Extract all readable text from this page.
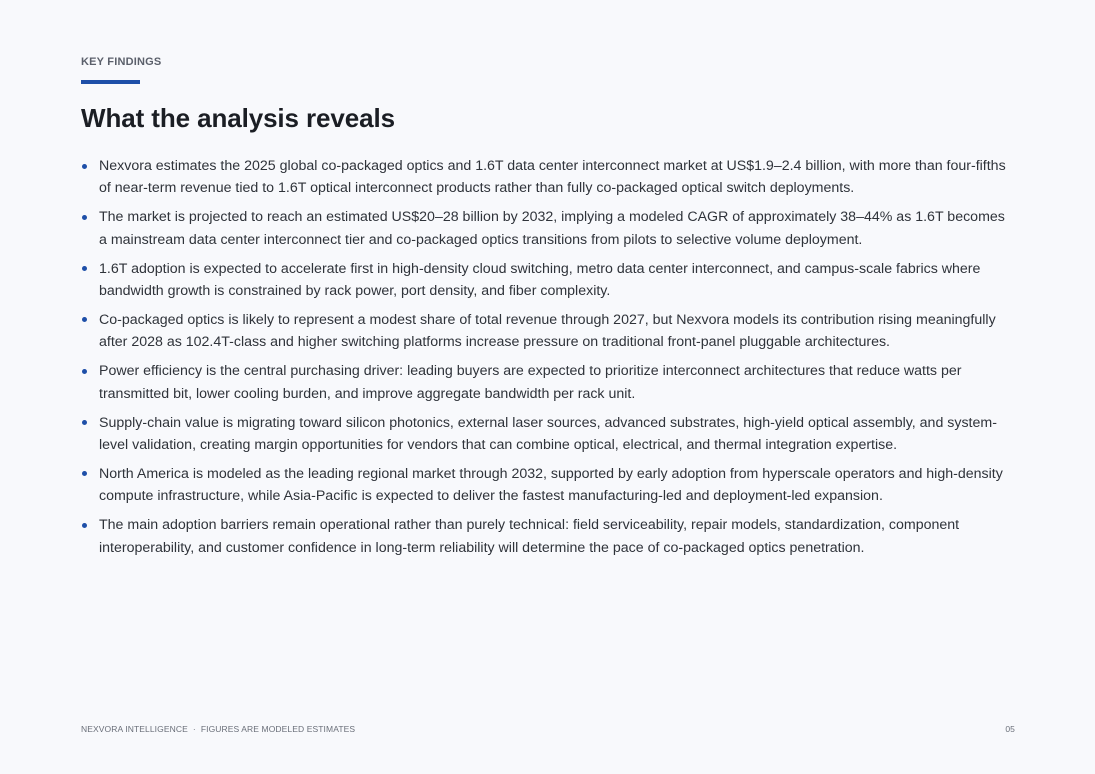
KEY FINDINGS
What the analysis reveals
Nexvora estimates the 2025 global co-packaged optics and 1.6T data center interconnect market at US$1.9–2.4 billion, with more than four-fifths of near-term revenue tied to 1.6T optical interconnect products rather than fully co-packaged optical switch deployments.
The market is projected to reach an estimated US$20–28 billion by 2032, implying a modeled CAGR of approximately 38–44% as 1.6T becomes a mainstream data center interconnect tier and co-packaged optics transitions from pilots to selective volume deployment.
1.6T adoption is expected to accelerate first in high-density cloud switching, metro data center interconnect, and campus-scale fabrics where bandwidth growth is constrained by rack power, port density, and fiber complexity.
Co-packaged optics is likely to represent a modest share of total revenue through 2027, but Nexvora models its contribution rising meaningfully after 2028 as 102.4T-class and higher switching platforms increase pressure on traditional front-panel pluggable architectures.
Power efficiency is the central purchasing driver: leading buyers are expected to prioritize interconnect architectures that reduce watts per transmitted bit, lower cooling burden, and improve aggregate bandwidth per rack unit.
Supply-chain value is migrating toward silicon photonics, external laser sources, advanced substrates, high-yield optical assembly, and system-level validation, creating margin opportunities for vendors that can combine optical, electrical, and thermal integration expertise.
North America is modeled as the leading regional market through 2032, supported by early adoption from hyperscale operators and high-density compute infrastructure, while Asia-Pacific is expected to deliver the fastest manufacturing-led and deployment-led expansion.
The main adoption barriers remain operational rather than purely technical: field serviceability, repair models, standardization, component interoperability, and customer confidence in long-term reliability will determine the pace of co-packaged optics penetration.
NEXVORA INTELLIGENCE · FIGURES ARE MODELED ESTIMATES	05
